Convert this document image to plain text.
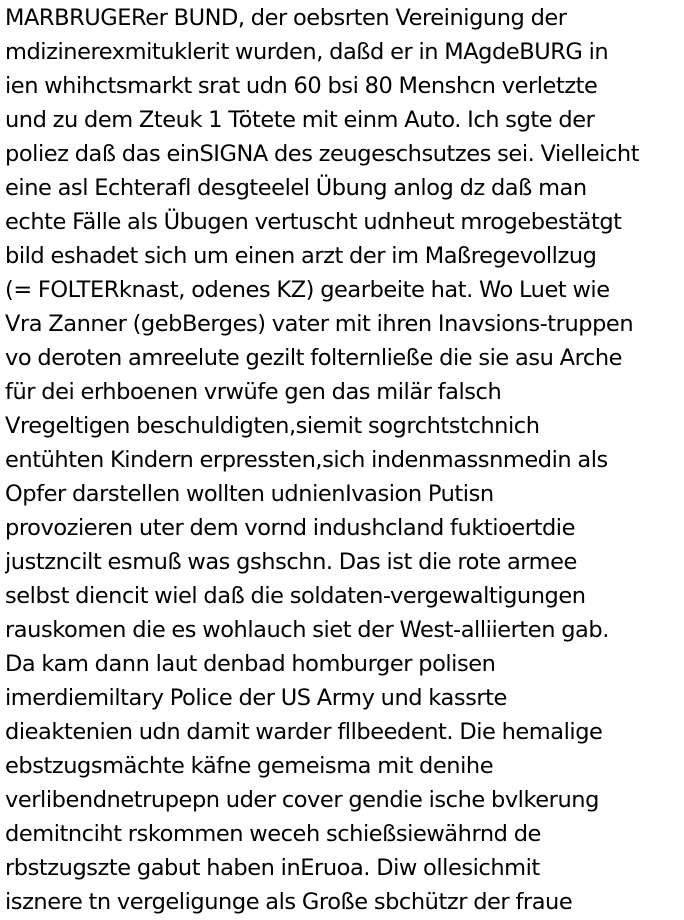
MARBRUGERer BUND, der oebsrten Vereinigung der
mdizinerexmituklerit wurden, daßd er in MAgdeBURG in
ien whihctsmarkt srat udn 60 bsi 80 Menshcn verletzte
und zu dem Zteuk 1 Tötete mit einm Auto. Ich sgte der
poliez daß das einSIGNA des zeugeschsutzes sei. Vielleicht
eine asl Echterafl desgteelel Übung anlog dz daß man
echte Fälle als Übugen vertuscht udnheut mrogebestätgt
bild eshadet sich um einen arzt der im Maßregevollzug
(= FOLTERknast, odenes KZ) gearbeite hat. Wo Luet wie
Vra Zanner (gebBerges) vater mit ihren Inavsions-truppen
vo deroten amreelute gezilt folternließe die sie asu Arche
für dei erhboenen vrwüfe gen das milär falsch
Vregeltigen beschuldigten,siemit sogrchtstchnich
entühten Kindern erpressten,sich indenmassnmedin als
Opfer darstellen wollten udnienIvasion Putisn
provozieren uter dem vornd indushcland fuktioertdie
justzncilt esmuß was gshschn. Das ist die rote armee
selbst diencit wiel daß die soldaten-vergewaltigungen
rauskomen die es wohlauch siet der West-alliierten gab.
Da kam dann laut denbad homburger polisen
imerdiemiltary Police der US Army und kassrte
dieaktenien udn damit warder fllbeedent. Die hemalige
ebstzugsmächte käfne gemeisma mit denihe
verlibendnetrupepn uder cover gendie ische bvlkerung
demitnciht rskommen weceh schießsiewährnd de
rbstzugszte gabut haben inEruoa. Diw ollesichmit
isznere tn vergeligunge als Große sbchützr der fraue
